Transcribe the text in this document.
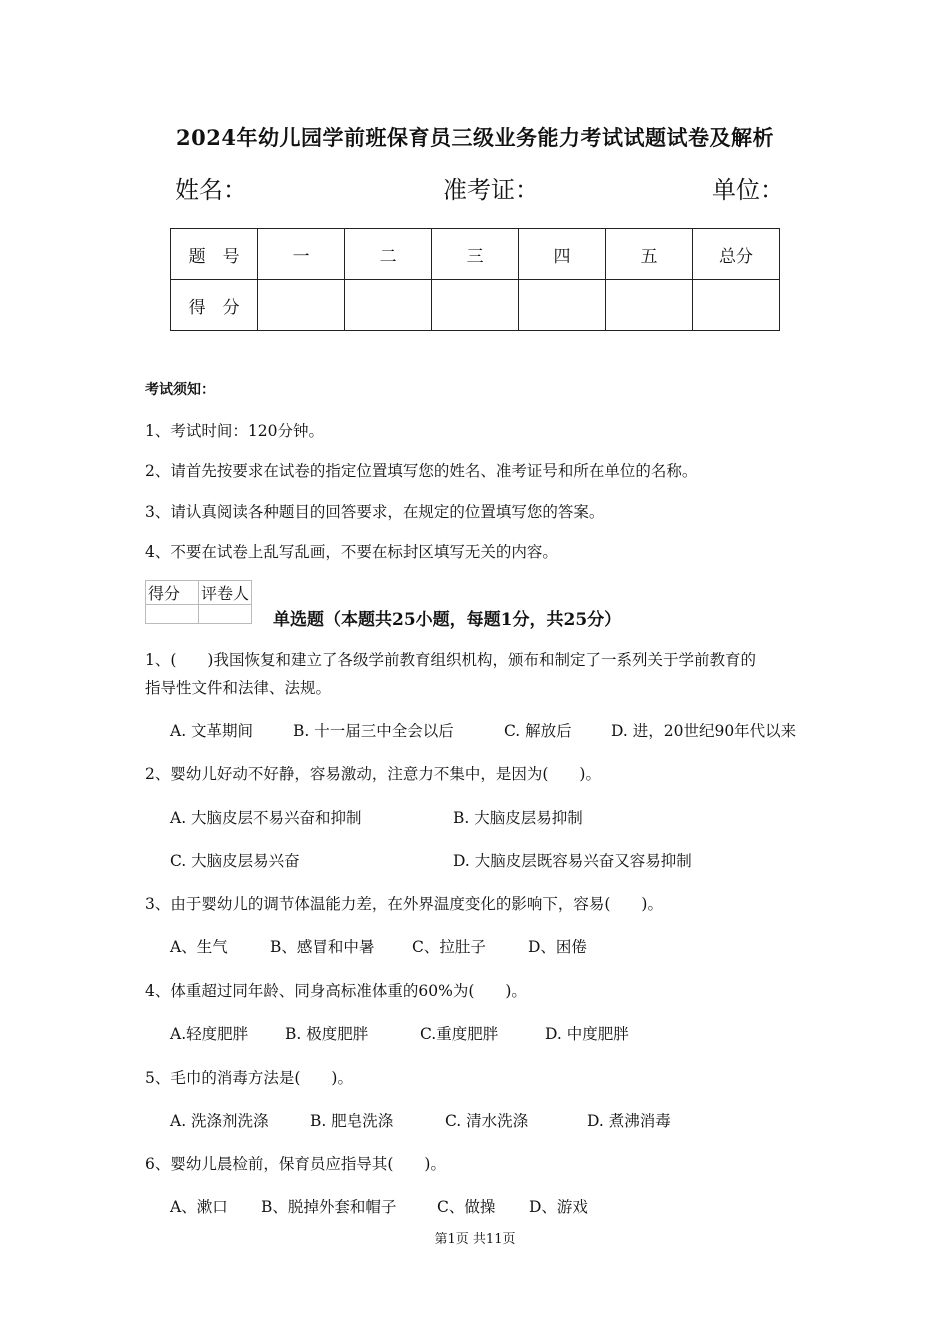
2024年幼儿园学前班保育员三级业务能力考试试题试卷及解析
姓名：	准考证：	单位：
题　号	一	二	三	四	五	总分
得　分						
考试须知：
1、考试时间：120分钟。
2、请首先按要求在试卷的指定位置填写您的姓名、准考证号和所在单位的名称。
3、请认真阅读各种题目的回答要求，在规定的位置填写您的答案。
4、不要在试卷上乱写乱画，不要在标封区填写无关的内容。
得分	评卷人

单选题（本题共25小题，每题1分，共25分）
1、(　　)我国恢复和建立了各级学前教育组织机构，颁布和制定了一系列关于学前教育的
指导性文件和法律、法规。
A. 文革期间	B. 十一届三中全会以后	C. 解放后	D. 进，20世纪90年代以来
2、婴幼儿好动不好静，容易激动，注意力不集中，是因为(　　)。
A. 大脑皮层不易兴奋和抑制	B. 大脑皮层易抑制
C. 大脑皮层易兴奋	D. 大脑皮层既容易兴奋又容易抑制
3、由于婴幼儿的调节体温能力差，在外界温度变化的影响下，容易(　　)。
A、生气	B、感冒和中暑 C、拉肚子	D、困倦
4、体重超过同年龄、同身高标准体重的60%为(　　)。
A.轻度肥胖 B. 极度肥胖	C.重度肥胖	D. 中度肥胖
5、毛巾的消毒方法是(　　)。
A. 洗涤剂洗涤	B. 肥皂洗涤	C. 清水洗涤	D. 煮沸消毒
6、婴幼儿晨检前，保育员应指导其(　　)。
A、漱口 B、脱掉外套和帽子	C、做操 D、游戏
第1页 共11页
